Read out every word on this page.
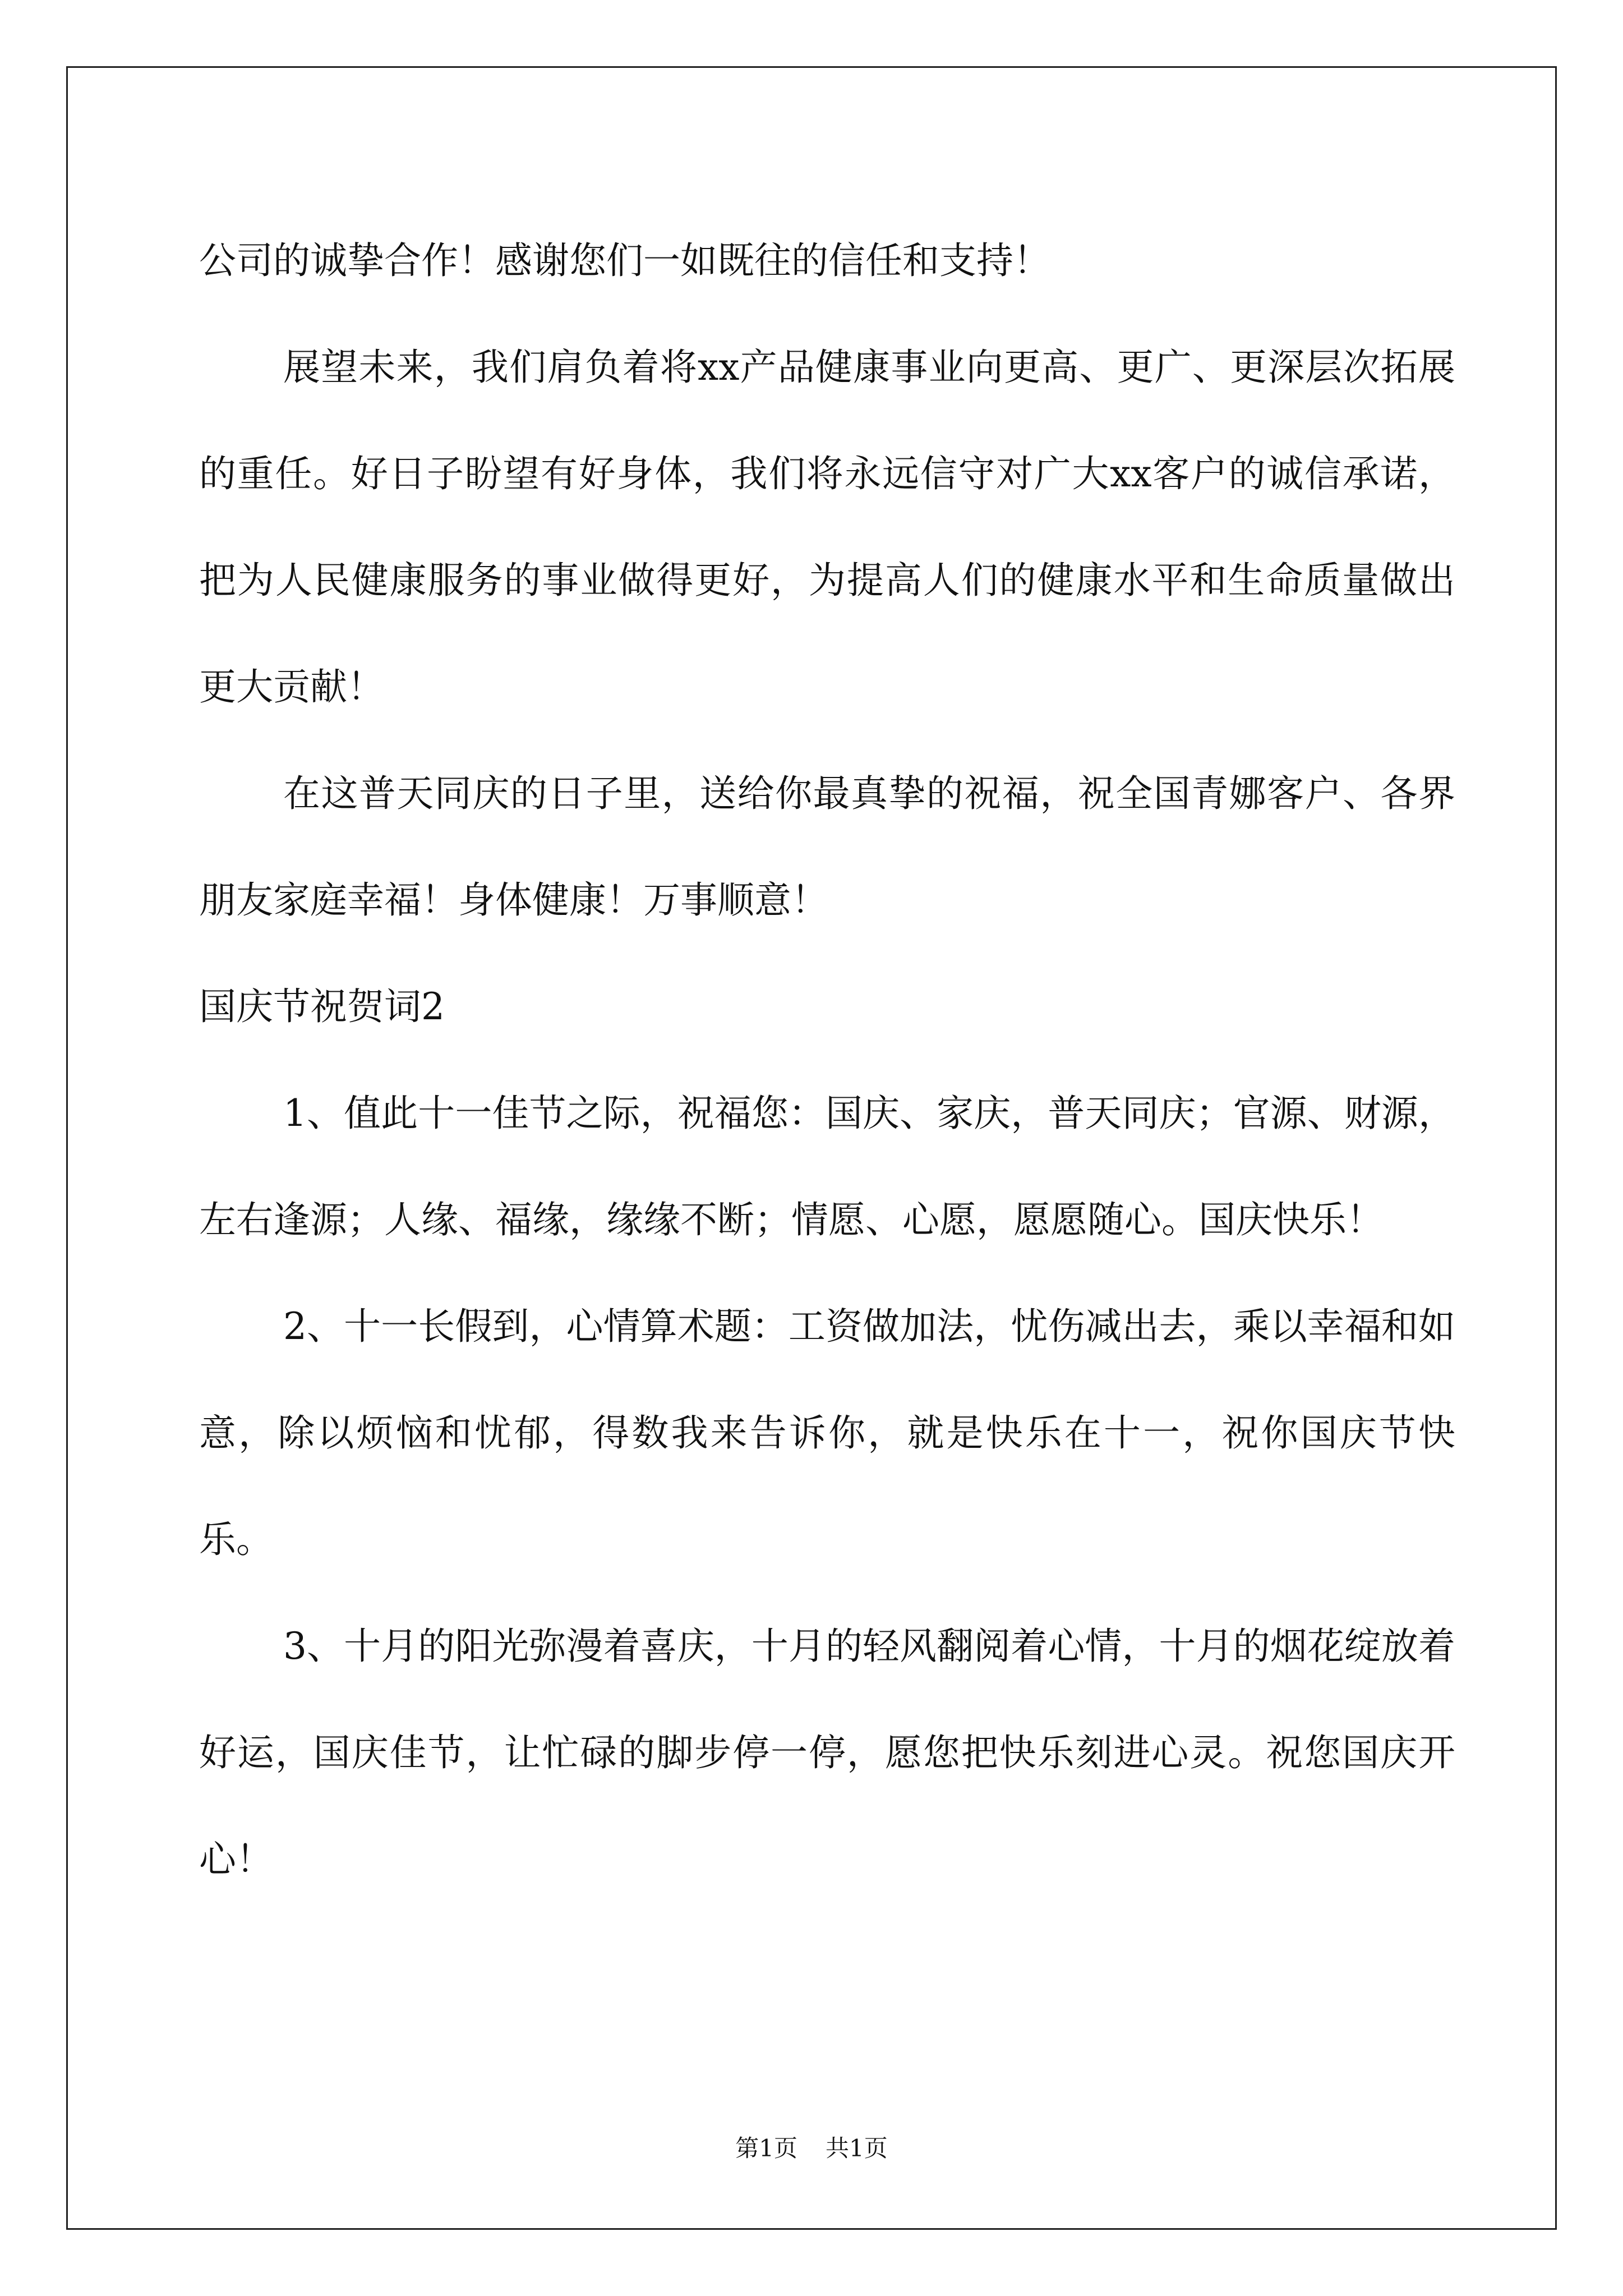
公司的诚挚合作！感谢您们一如既往的信任和支持！

展望未来，我们肩负着将xx产品健康事业向更高、更广、更深层次拓展的重任。好日子盼望有好身体，我们将永远信守对广大xx客户的诚信承诺，把为人民健康服务的事业做得更好，为提高人们的健康水平和生命质量做出更大贡献！

在这普天同庆的日子里，送给你最真挚的祝福，祝全国青娜客户、各界朋友家庭幸福！身体健康！万事顺意！

国庆节祝贺词2

1、值此十一佳节之际，祝福您：国庆、家庆，普天同庆；官源、财源，左右逢源；人缘、福缘，缘缘不断；情愿、心愿，愿愿随心。国庆快乐！

2、十一长假到，心情算术题：工资做加法，忧伤减出去，乘以幸福和如意，除以烦恼和忧郁，得数我来告诉你，就是快乐在十一，祝你国庆节快乐。

3、十月的阳光弥漫着喜庆，十月的轻风翻阅着心情，十月的烟花绽放着好运，国庆佳节，让忙碌的脚步停一停，愿您把快乐刻进心灵。祝您国庆开心！

第1页 共1页
